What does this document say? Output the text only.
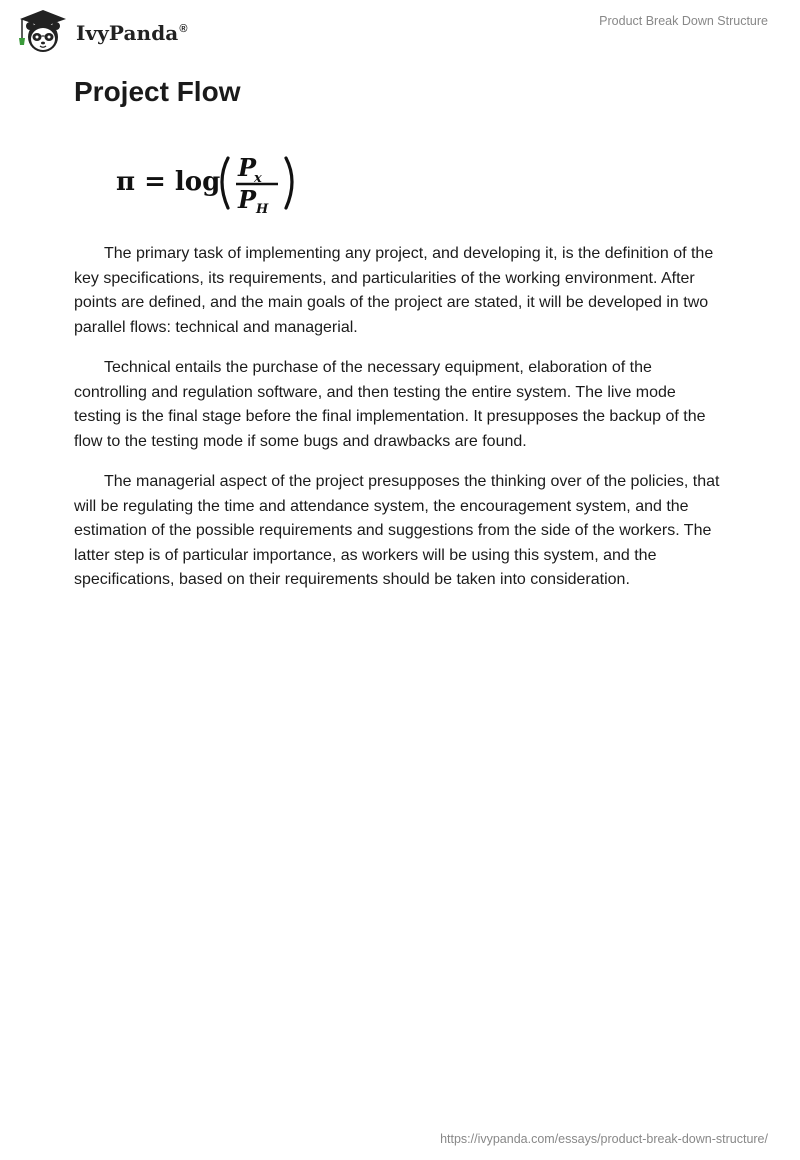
IvyPanda®
Product Break Down Structure
Project Flow
π = log P
x
P H

The primary task of implementing any project, and developing it, is the definition of the key specifications, its requirements, and particularities of the working environment. After points are defined, and the main goals of the project are stated, it will be developed in two parallel flows: technical and managerial.

Technical entails the purchase of the necessary equipment, elaboration of the controlling and regulation software, and then testing the entire system. The live mode testing is the final stage before the final implementation. It presupposes the backup of the flow to the testing mode if some bugs and drawbacks are found.

The managerial aspect of the project presupposes the thinking over of the policies, that will be regulating the time and attendance system, the encouragement system, and the estimation of the possible requirements and suggestions from the side of the workers. The latter step is of particular importance, as workers will be using this system, and the specifications, based on their requirements should be taken into consideration.

https://ivypanda.com/essays/product-break-down-structure/
